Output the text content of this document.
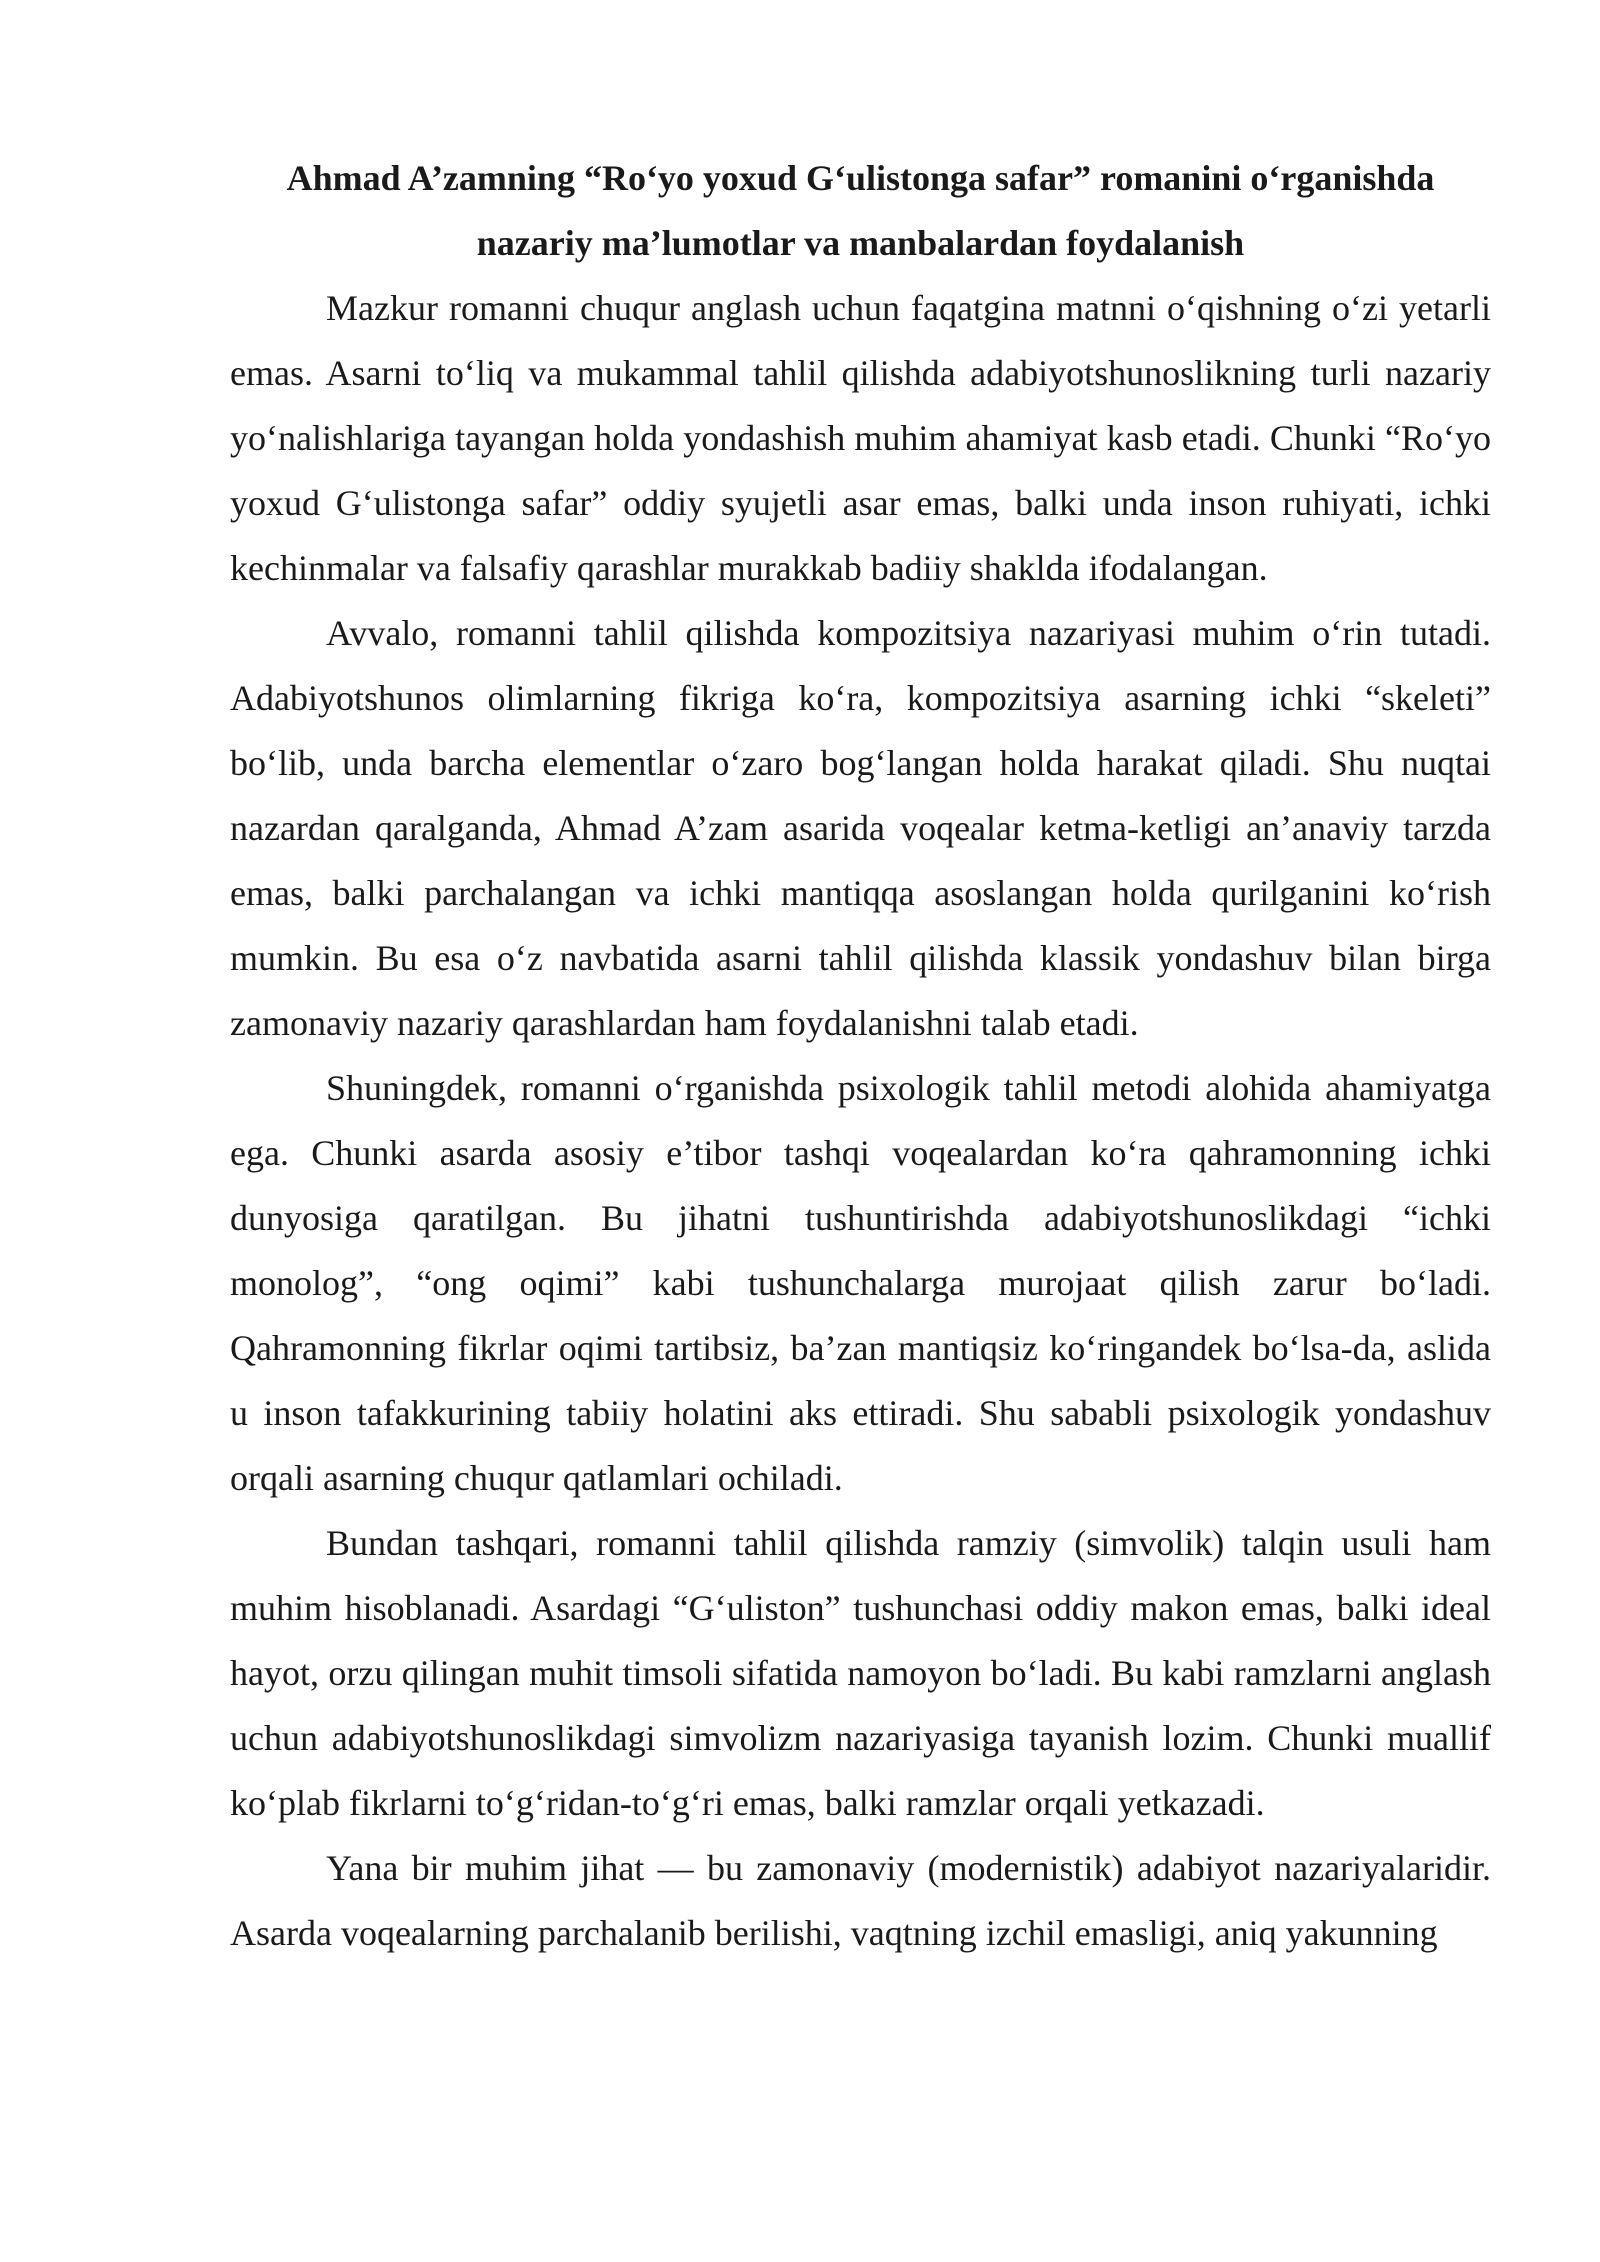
Ahmad A’zamning “Ro‘yo yoxud G‘ulistonga safar” romanini o‘rganishda
nazariy ma’lumotlar va manbalardan foydalanish

Mazkur romanni chuqur anglash uchun faqatgina matnni o‘qishning o‘zi yetarli emas. Asarni to‘liq va mukammal tahlil qilishda adabiyotshunoslikning turli nazariy yo‘nalishlariga tayangan holda yondashish muhim ahamiyat kasb etadi. Chunki “Ro‘yo yoxud G‘ulistonga safar” oddiy syujetli asar emas, balki unda inson ruhiyati, ichki kechinmalar va falsafiy qarashlar murakkab badiiy shaklda ifodalangan.

Avvalo, romanni tahlil qilishda kompozitsiya nazariyasi muhim o‘rin tutadi. Adabiyotshunos olimlarning fikriga ko‘ra, kompozitsiya asarning ichki “skeleti” bo‘lib, unda barcha elementlar o‘zaro bog‘langan holda harakat qiladi. Shu nuqtai nazardan qaralganda, Ahmad A’zam asarida voqealar ketma-ketligi an’anaviy tarzda emas, balki parchalangan va ichki mantiqqa asoslangan holda qurilganini ko‘rish mumkin. Bu esa o‘z navbatida asarni tahlil qilishda klassik yondashuv bilan birga zamonaviy nazariy qarashlardan ham foydalanishni talab etadi.

Shuningdek, romanni o‘rganishda psixologik tahlil metodi alohida ahamiyatga ega. Chunki asarda asosiy e’tibor tashqi voqealardan ko‘ra qahramonning ichki dunyosiga qaratilgan. Bu jihatni tushuntirishda adabiyotshunoslikdagi “ichki monolog”, “ong oqimi” kabi tushunchalarga murojaat qilish zarur bo‘ladi. Qahramonning fikrlar oqimi tartibsiz, ba’zan mantiqsiz ko‘ringandek bo‘lsa-da, aslida u inson tafakkurining tabiiy holatini aks ettiradi. Shu sababli psixologik yondashuv orqali asarning chuqur qatlamlari ochiladi.

Bundan tashqari, romanni tahlil qilishda ramziy (simvolik) talqin usuli ham muhim hisoblanadi. Asardagi “G‘uliston” tushunchasi oddiy makon emas, balki ideal hayot, orzu qilingan muhit timsoli sifatida namoyon bo‘ladi. Bu kabi ramzlarni anglash uchun adabiyotshunoslikdagi simvolizm nazariyasiga tayanish lozim. Chunki muallif ko‘plab fikrlarni to‘g‘ridan-to‘g‘ri emas, balki ramzlar orqali yetkazadi.

Yana bir muhim jihat — bu zamonaviy (modernistik) adabiyot nazariyalaridir. Asarda voqealarning parchalanib berilishi, vaqtning izchil emasligi, aniq yakunning
